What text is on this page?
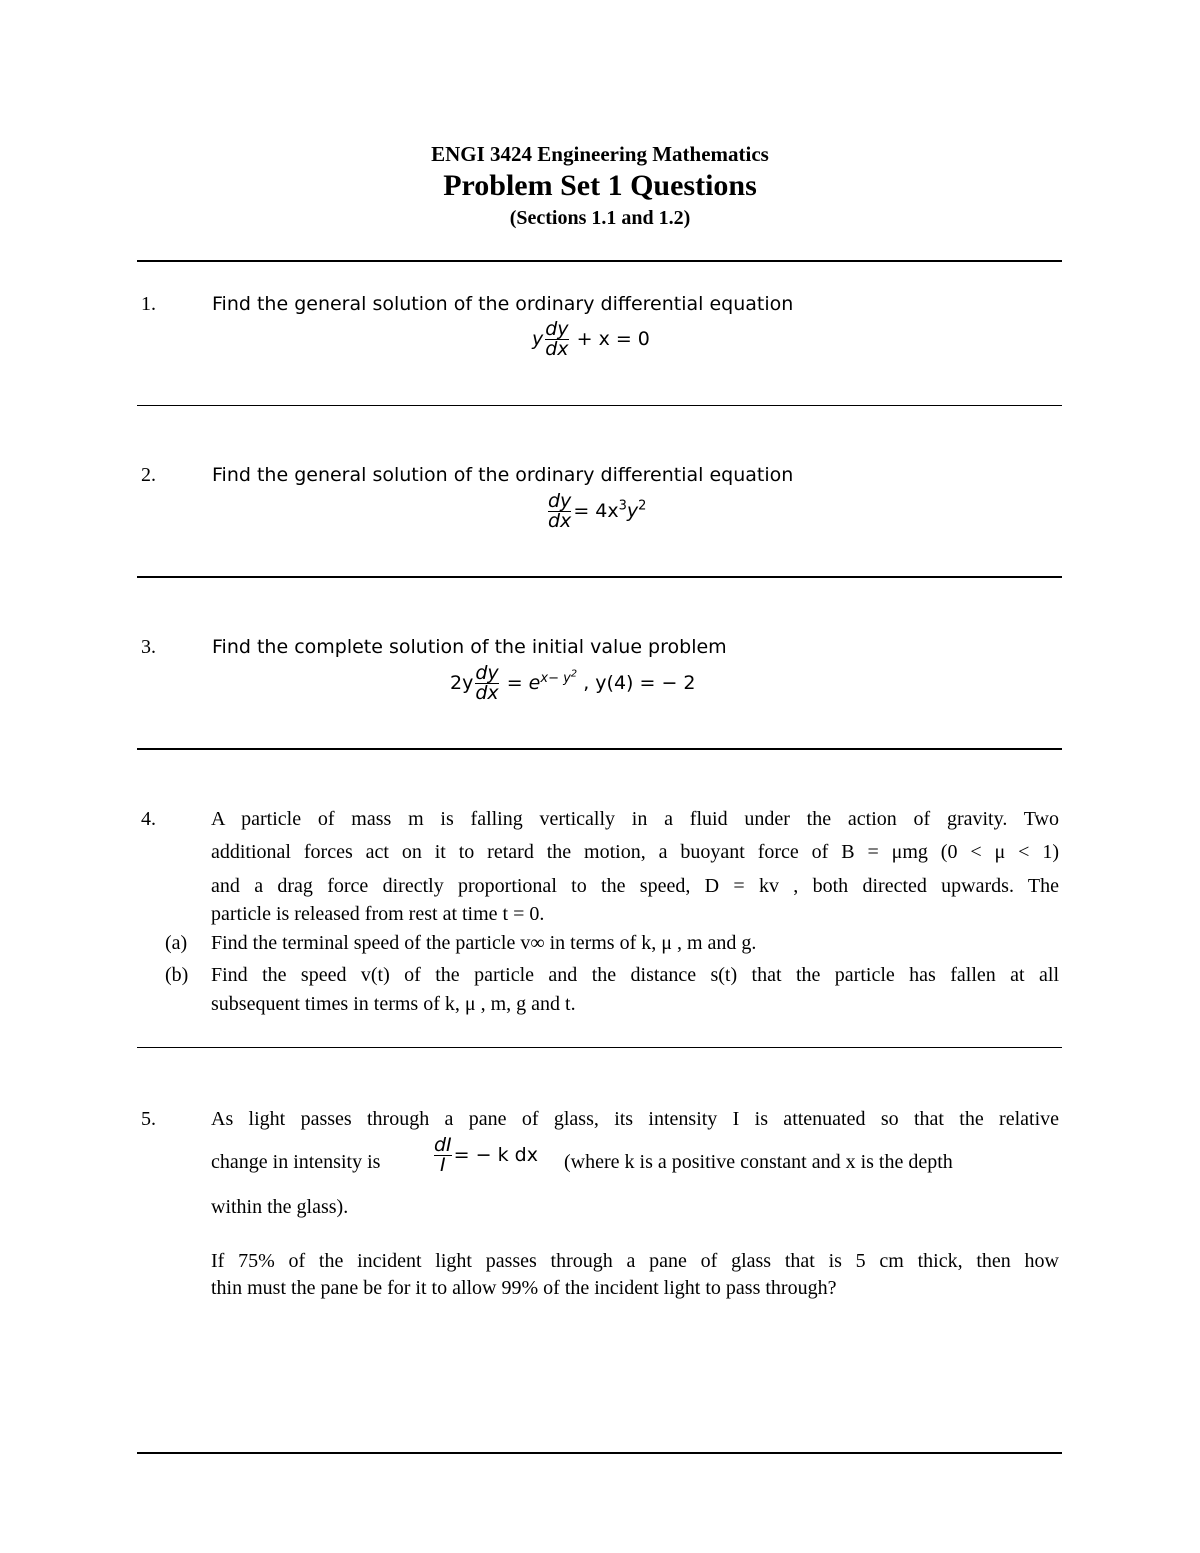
ENGI 3424 Engineering Mathematics
Problem Set 1 Questions
(Sections 1.1 and 1.2)
1.	Find the general solution of the ordinary differential equation
y $\frac{dy}{dx} + x = 0$
2.	Find the general solution of the ordinary differential equation
$\frac{dy}{dx} = 4x^3y^2$
3.	Find the complete solution of the initial value problem
$2y \frac{dy}{dx} = e^{x- y^2}$ , y(4) = − 2
4.	A particle of mass m is falling vertically in a fluid under the action of gravity. Two
additional forces act on it to retard the motion, a buoyant force of B = μmg (0 < μ < 1)
and a drag force directly proportional to the speed, D = kv , both directed upwards. The
particle is released from rest at time t = 0.
(a) Find the terminal speed of the particle v∞ in terms of k, μ , m and g.
(b) Find the speed v(t) of the particle and the distance s(t) that the particle has fallen at all
subsequent times in terms of k, μ , m, g and t.
5.	As light passes through a pane of glass, its intensity I is attenuated so that the relative
change in intensity is	$\frac{dI}{I}$ = − k dx (where k is a positive constant and x is the depth
within the glass).
If 75% of the incident light passes through a pane of glass that is 5 cm thick, then how
thin must the pane be for it to allow 99% of the incident light to pass through?
